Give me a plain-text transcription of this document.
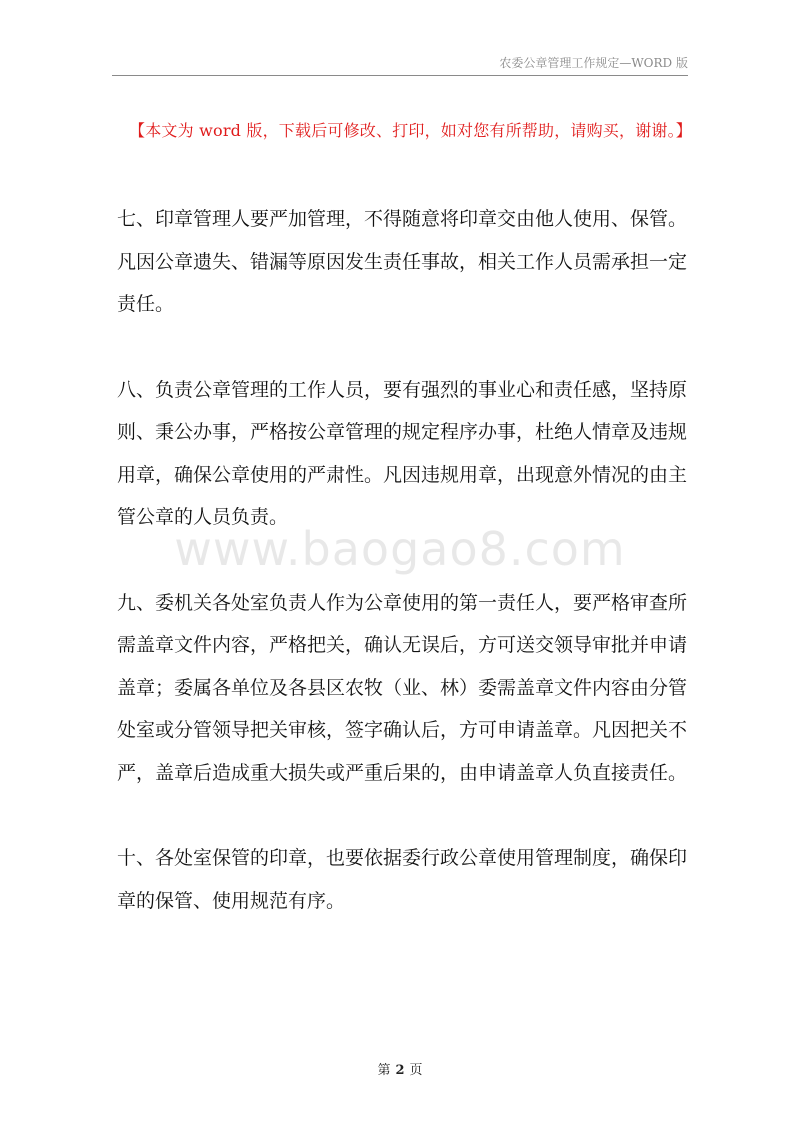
农委公章管理工作规定—WORD 版
【本文为 word 版，下载后可修改、打印，如对您有所帮助，请购买，谢谢。】

七、印章管理人要严加管理，不得随意将印章交由他人使用、保管。凡因公章遗失、错漏等原因发生责任事故，相关工作人员需承担一定责任。

八、负责公章管理的工作人员，要有强烈的事业心和责任感，坚持原则、秉公办事，严格按公章管理的规定程序办事，杜绝人情章及违规用章，确保公章使用的严肃性。凡因违规用章，出现意外情况的由主管公章的人员负责。

九、委机关各处室负责人作为公章使用的第一责任人，要严格审查所需盖章文件内容，严格把关，确认无误后，方可送交领导审批并申请盖章；委属各单位及各县区农牧（业、林）委需盖章文件内容由分管处室或分管领导把关审核，签字确认后，方可申请盖章。凡因把关不严，盖章后造成重大损失或严重后果的，由申请盖章人负直接责任。

十、各处室保管的印章，也要依据委行政公章使用管理制度，确保印章的保管、使用规范有序。

www.baogao8.com
第 2 页
